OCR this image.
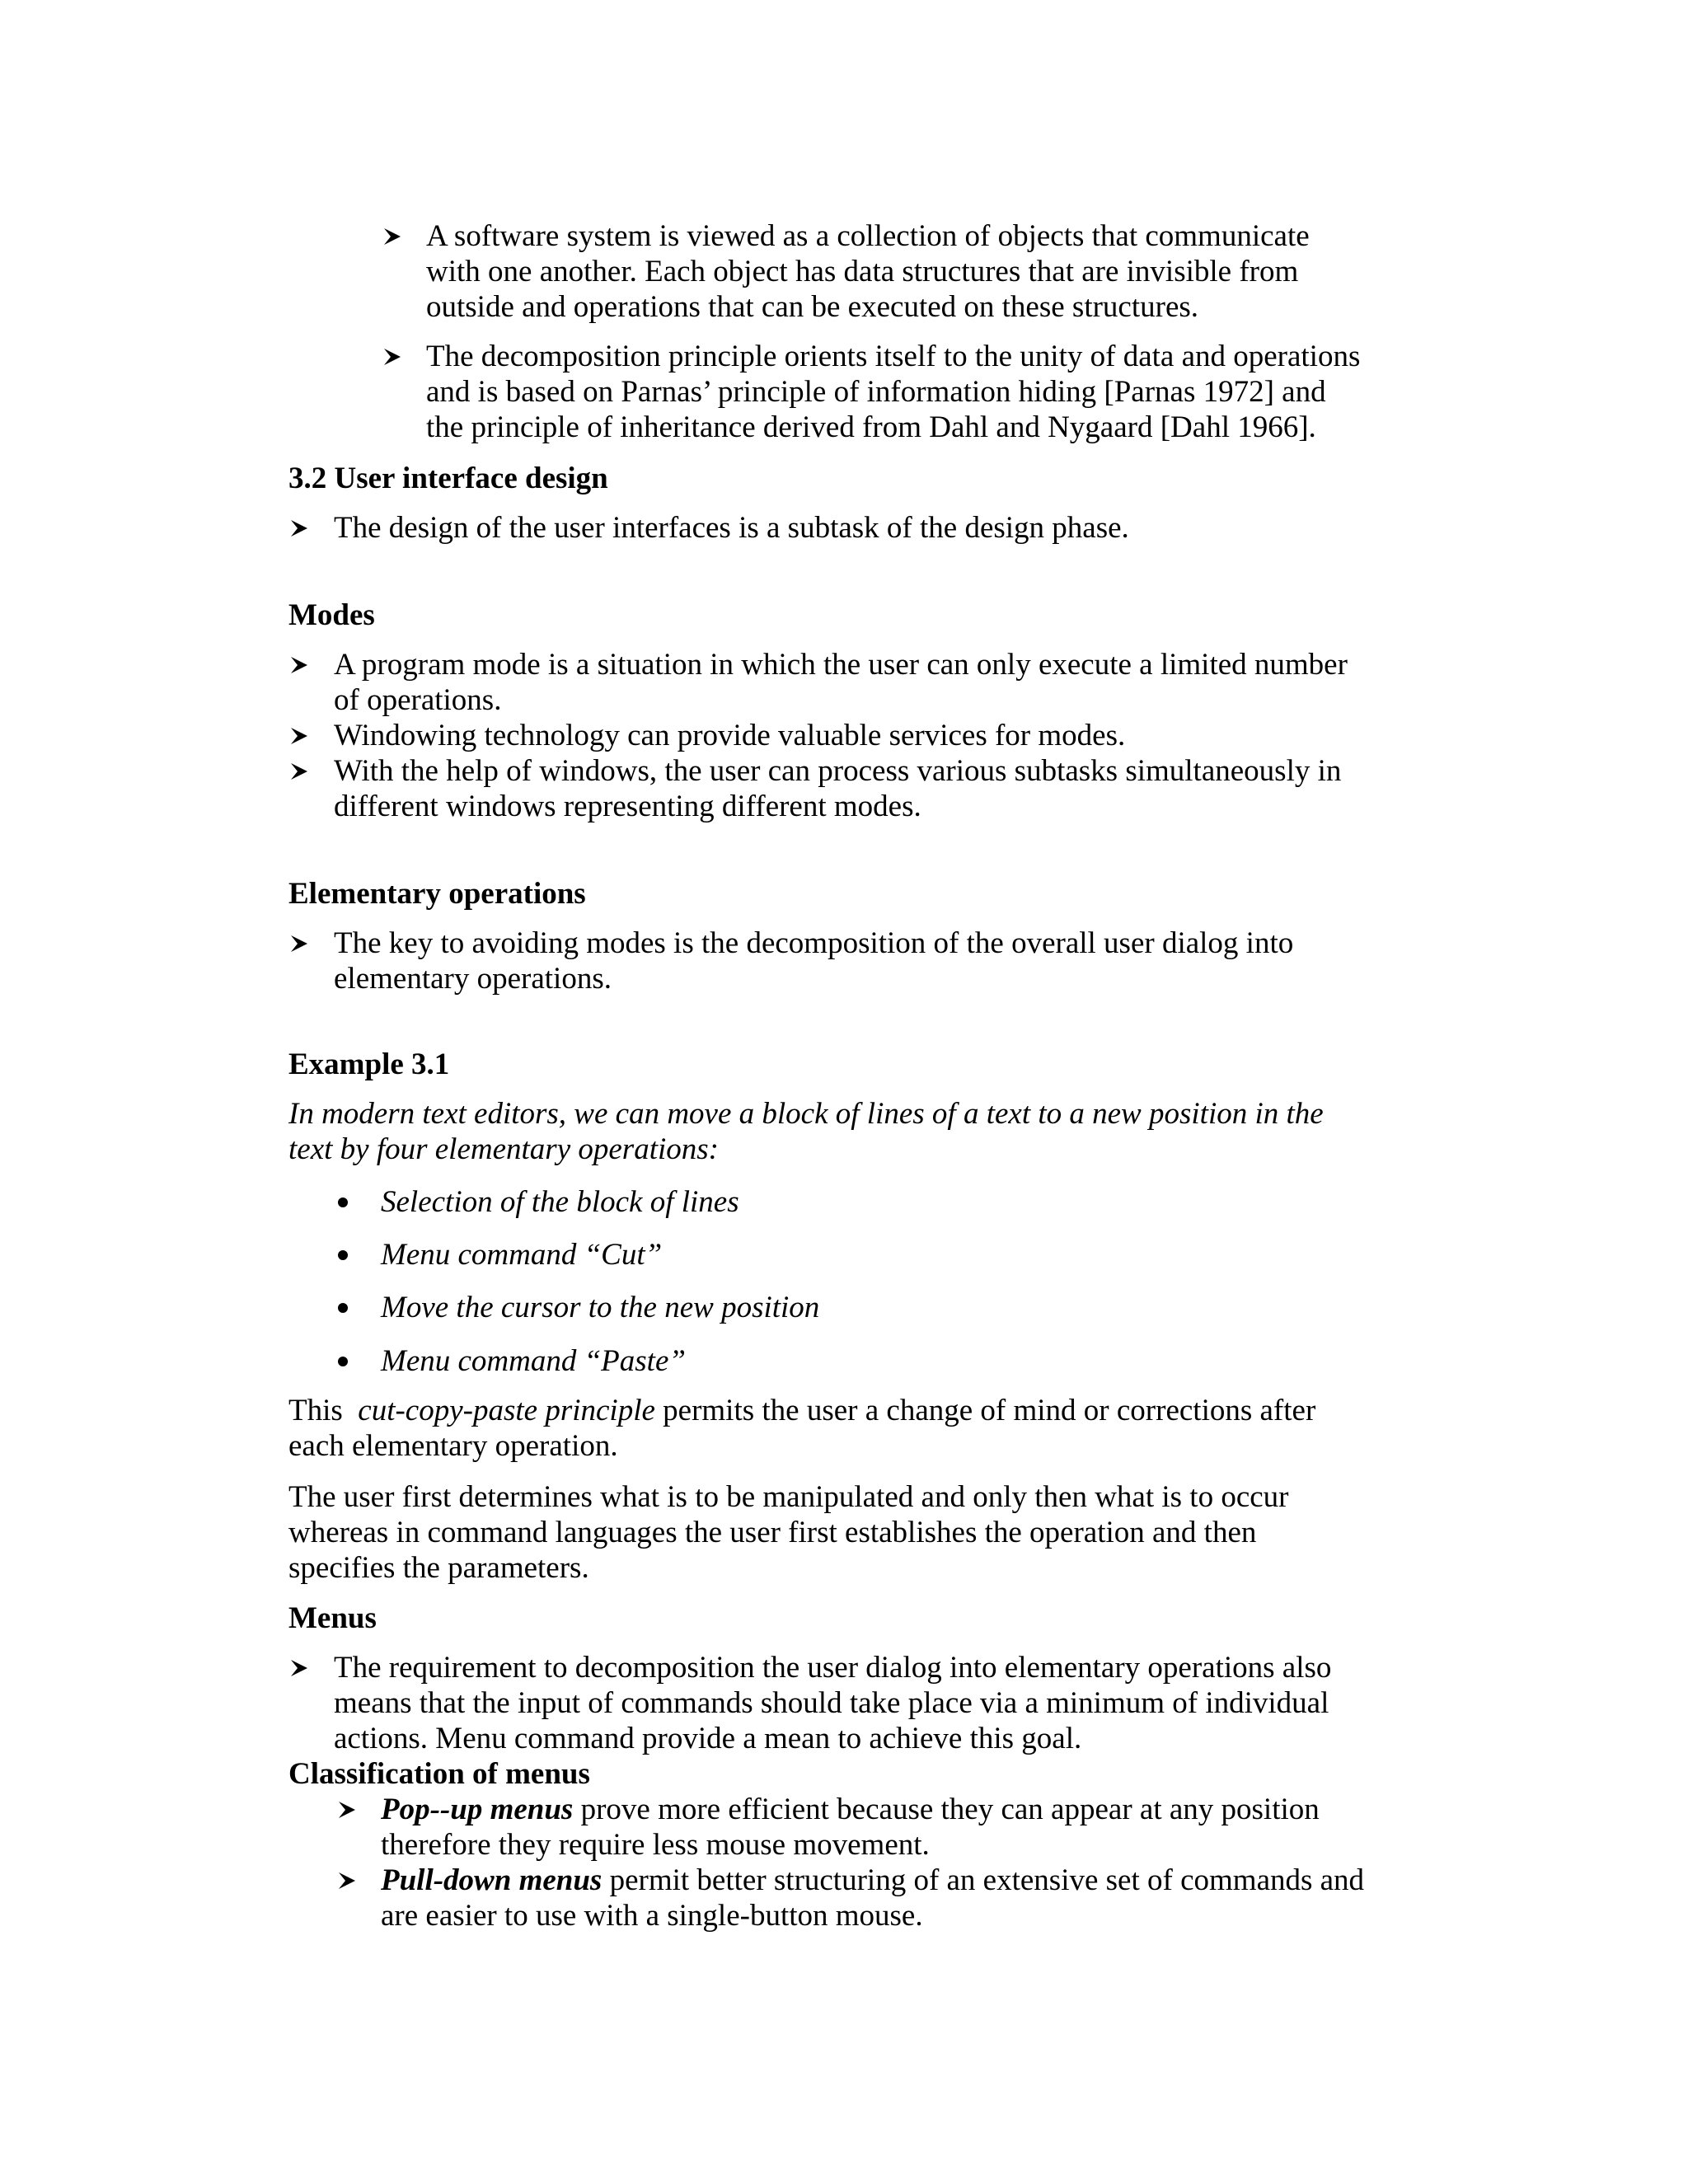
A software system is viewed as a collection of objects that communicate
with one another. Each object has data structures that are invisible from
outside and operations that can be executed on these structures.
The decomposition principle orients itself to the unity of data and operations
and is based on Parnas’ principle of information hiding [Parnas 1972] and
the principle of inheritance derived from Dahl and Nygaard [Dahl 1966].
3.2 User interface design
The design of the user interfaces is a subtask of the design phase.
Modes
A program mode is a situation in which the user can only execute a limited number
of operations.
Windowing technology can provide valuable services for modes.
With the help of windows, the user can process various subtasks simultaneously in
different windows representing different modes.
Elementary operations
The key to avoiding modes is the decomposition of the overall user dialog into
elementary operations.
Example 3.1
In modern text editors, we can move a block of lines of a text to a new position in the
text by four elementary operations:
Selection of the block of lines
Menu command “Cut”
Move the cursor to the new position
Menu command “Paste”
This  cut-copy-paste principle permits the user a change of mind or corrections after
each elementary operation.
The user first determines what is to be manipulated and only then what is to occur
whereas in command languages the user first establishes the operation and then
specifies the parameters.
Menus
The requirement to decomposition the user dialog into elementary operations also
means that the input of commands should take place via a minimum of individual
actions. Menu command provide a mean to achieve this goal.
Classification of menus
Pop--up menus prove more efficient because they can appear at any position
therefore they require less mouse movement.
Pull-down menus permit better structuring of an extensive set of commands and
are easier to use with a single-button mouse.
